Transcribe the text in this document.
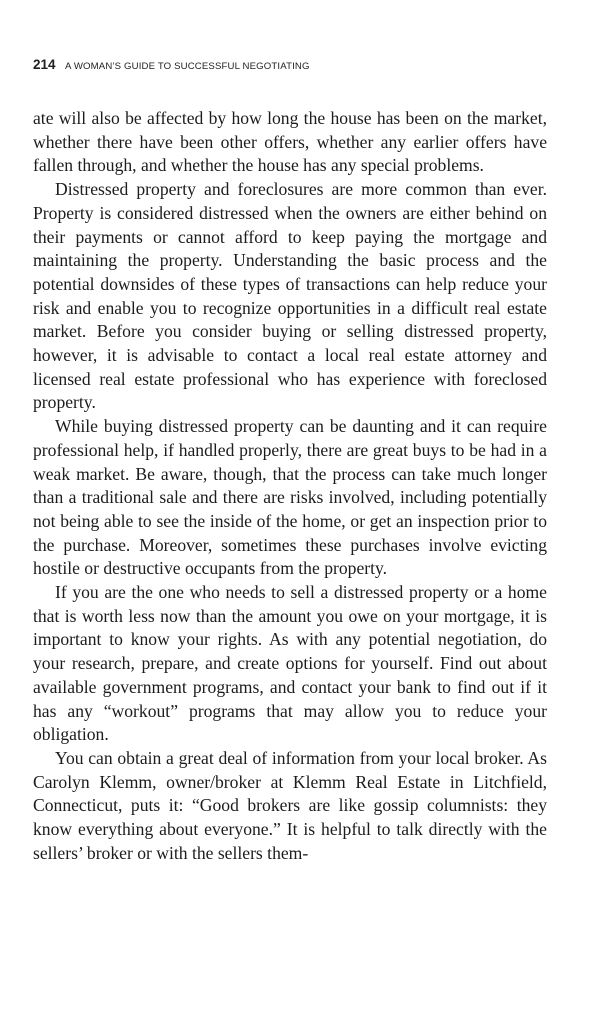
214 A WOMAN’S GUIDE TO SUCCESSFUL NEGOTIATING

ate will also be affected by how long the house has been on the market, whether there have been other offers, whether any earlier offers have fallen through, and whether the house has any special problems.

Distressed property and foreclosures are more common than ever. Property is considered distressed when the owners are either behind on their payments or cannot afford to keep paying the mortgage and maintaining the property. Understanding the basic process and the potential downsides of these types of transactions can help reduce your risk and enable you to recognize opportunities in a difficult real estate market. Before you consider buying or selling distressed property, however, it is advisable to contact a local real estate attorney and licensed real estate professional who has experience with foreclosed property.

While buying distressed property can be daunting and it can require professional help, if handled properly, there are great buys to be had in a weak market. Be aware, though, that the process can take much longer than a traditional sale and there are risks involved, including potentially not being able to see the inside of the home, or get an inspection prior to the purchase. Moreover, sometimes these purchases involve evicting hostile or destructive occupants from the property.

If you are the one who needs to sell a distressed property or a home that is worth less now than the amount you owe on your mortgage, it is important to know your rights. As with any potential negotiation, do your research, prepare, and create options for yourself. Find out about available government programs, and contact your bank to find out if it has any “workout” programs that may allow you to reduce your obligation.

You can obtain a great deal of information from your local broker. As Carolyn Klemm, owner/broker at Klemm Real Estate in Litchfield, Connecticut, puts it: “Good brokers are like gossip columnists: they know everything about everyone.” It is helpful to talk directly with the sellers’ broker or with the sellers them-
